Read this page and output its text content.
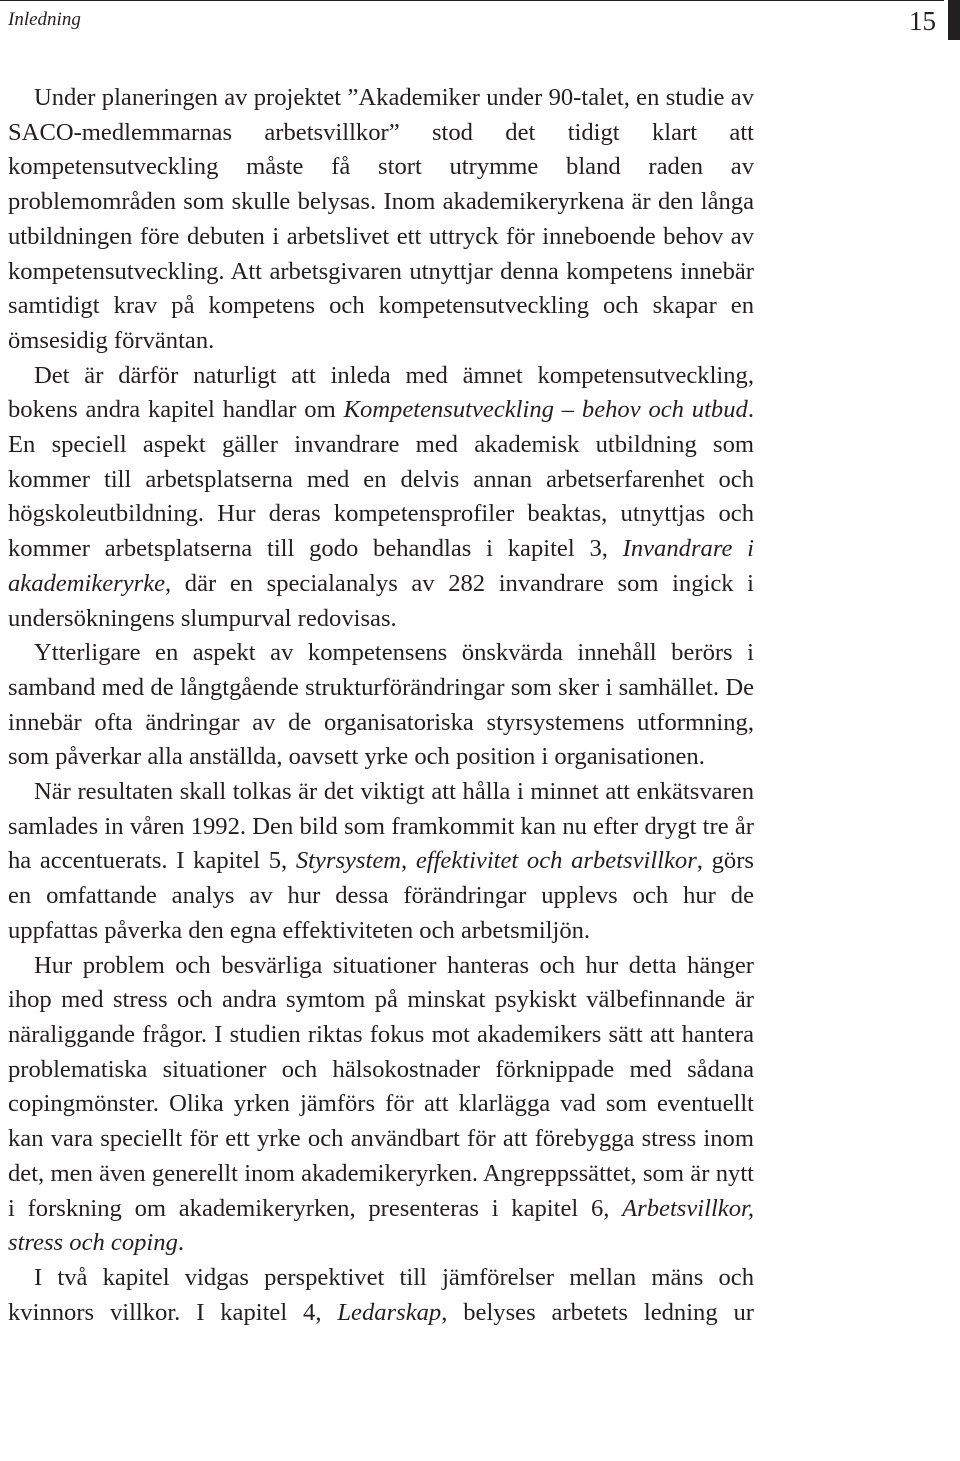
Inledning	15

Under planeringen av projektet ”Akademiker under 90-talet, en studie av SACO-medlemmarnas arbetsvillkor” stod det tidigt klart att kompetensutveckling måste få stort utrymme bland raden av problemområden som skulle belysas. Inom akademikeryrkena är den långa utbildningen före debuten i arbetslivet ett uttryck för inneboende behov av kompetensutveckling. Att arbetsgivaren utnyttjar denna kompetens innebär samtidigt krav på kompetens och kompetensutveckling och skapar en ömsesidig förväntan.

Det är därför naturligt att inleda med ämnet kompetensutveckling, bokens andra kapitel handlar om Kompetensutveckling – behov och utbud. En speciell aspekt gäller invandrare med akademisk utbildning som kommer till arbetsplatserna med en delvis annan arbetserfarenhet och högskoleutbildning. Hur deras kompetensprofiler beaktas, utnyttjas och kommer arbetsplatserna till godo behandlas i kapitel 3, Invandrare i akademikeryrke, där en specialanalys av 282 invandrare som ingick i undersökningens slumpurval redovisas.

Ytterligare en aspekt av kompetensens önskvärda innehåll berörs i samband med de långtgående strukturförändringar som sker i samhället. De innebär ofta ändringar av de organisatoriska styrsystemens utformning, som påverkar alla anställda, oavsett yrke och position i organisationen.

När resultaten skall tolkas är det viktigt att hålla i minnet att enkätsvaren samlades in våren 1992. Den bild som framkommit kan nu efter drygt tre år ha accentuerats. I kapitel 5, Styrsystem, effektivitet och arbetsvillkor, görs en omfattande analys av hur dessa förändringar upplevs och hur de uppfattas påverka den egna effektiviteten och arbetsmiljön.

Hur problem och besvärliga situationer hanteras och hur detta hänger ihop med stress och andra symtom på minskat psykiskt välbefinnande är näraliggande frågor. I studien riktas fokus mot akademikers sätt att hantera problematiska situationer och hälsokostnader förknippade med sådana copingmönster. Olika yrken jämförs för att klarlägga vad som eventuellt kan vara speciellt för ett yrke och användbart för att förebygga stress inom det, men även generellt inom akademikeryrken. Angreppssättet, som är nytt i forskning om akademikeryrken, presenteras i kapitel 6, Arbetsvillkor, stress och coping.

I två kapitel vidgas perspektivet till jämförelser mellan mäns och kvinnors villkor. I kapitel 4, Ledarskap, belyses arbetets ledning ur
